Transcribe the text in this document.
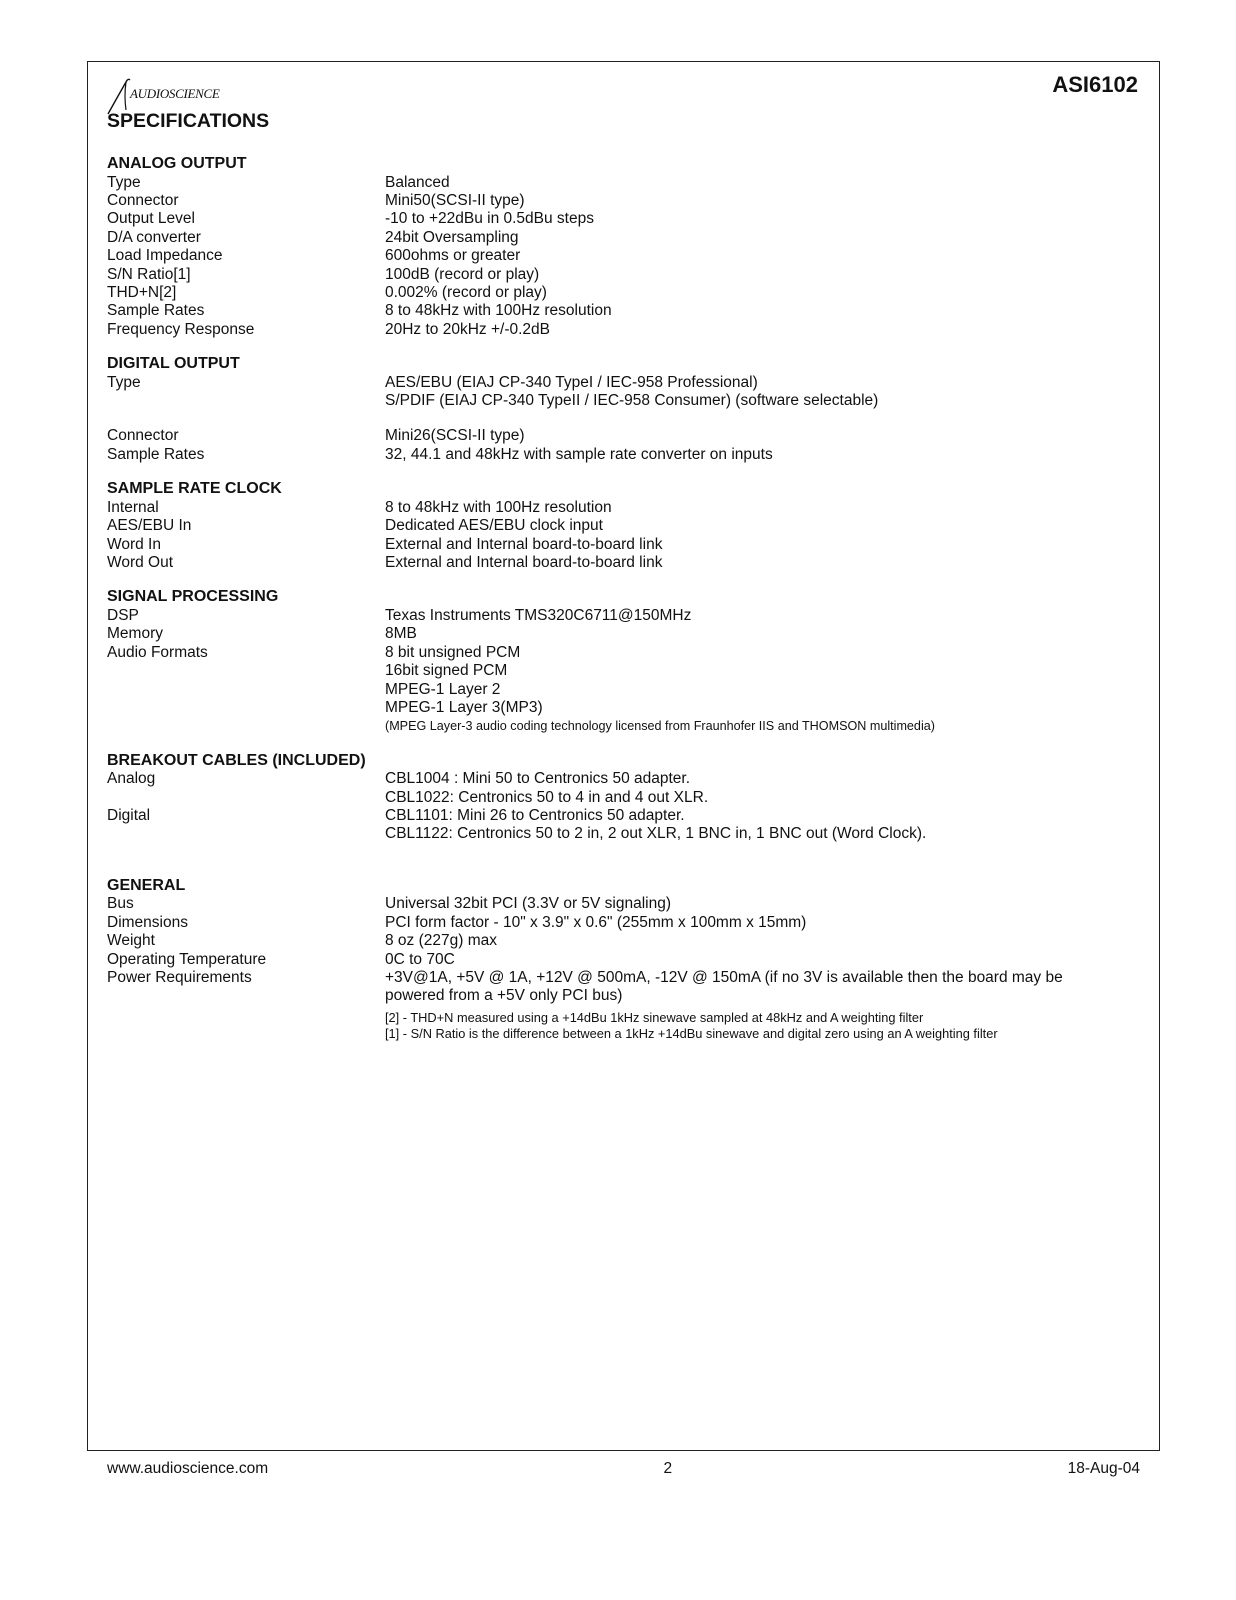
AUDIOSCIENCE	ASI6102
SPECIFICATIONS
ANALOG OUTPUT
Type	Balanced
Connector	Mini50(SCSI-II type)
Output Level	-10 to +22dBu in 0.5dBu steps
D/A converter	24bit Oversampling
Load Impedance	600ohms or greater
S/N Ratio[1]	100dB (record or play)
THD+N[2]	0.002% (record or play)
Sample Rates	8 to 48kHz with 100Hz resolution
Frequency Response	20Hz to 20kHz +/-0.2dB
DIGITAL OUTPUT
Type	AES/EBU (EIAJ CP-340 TypeI / IEC-958 Professional)
S/PDIF (EIAJ CP-340 TypeII / IEC-958 Consumer) (software selectable)
Connector	Mini26(SCSI-II type)
Sample Rates	32, 44.1 and 48kHz with sample rate converter on inputs
SAMPLE RATE CLOCK
Internal	8 to 48kHz with 100Hz resolution
AES/EBU In	Dedicated AES/EBU clock input
Word In	External and Internal board-to-board link
Word Out	External and Internal board-to-board link
SIGNAL PROCESSING
DSP	Texas Instruments TMS320C6711@150MHz
Memory	8MB
Audio Formats	8 bit unsigned PCM
16bit signed PCM
MPEG-1 Layer 2
MPEG-1 Layer 3(MP3)
(MPEG Layer-3 audio coding technology licensed from Fraunhofer IIS and THOMSON multimedia)
BREAKOUT CABLES (INCLUDED)
Analog	CBL1004 : Mini 50 to Centronics 50 adapter.
CBL1022: Centronics 50 to 4 in and 4 out XLR.
Digital	CBL1101: Mini 26 to Centronics 50 adapter.
CBL1122: Centronics 50 to 2 in, 2 out XLR, 1 BNC in, 1 BNC out (Word Clock).
GENERAL
Bus	Universal 32bit PCI (3.3V or 5V signaling)
Dimensions	PCI form factor - 10" x 3.9" x 0.6" (255mm x 100mm x 15mm)
Weight	8 oz (227g) max
Operating Temperature	0C to 70C
Power Requirements	+3V@1A, +5V @ 1A, +12V @ 500mA, -12V @ 150mA (if no 3V is available then the board may be
powered from a +5V only PCI bus)
[2] - THD+N measured using a +14dBu 1kHz sinewave sampled at 48kHz and A weighting filter
[1] - S/N Ratio is the difference between a 1kHz +14dBu sinewave and digital zero using an A weighting filter
www.audioscience.com	2	18-Aug-04
